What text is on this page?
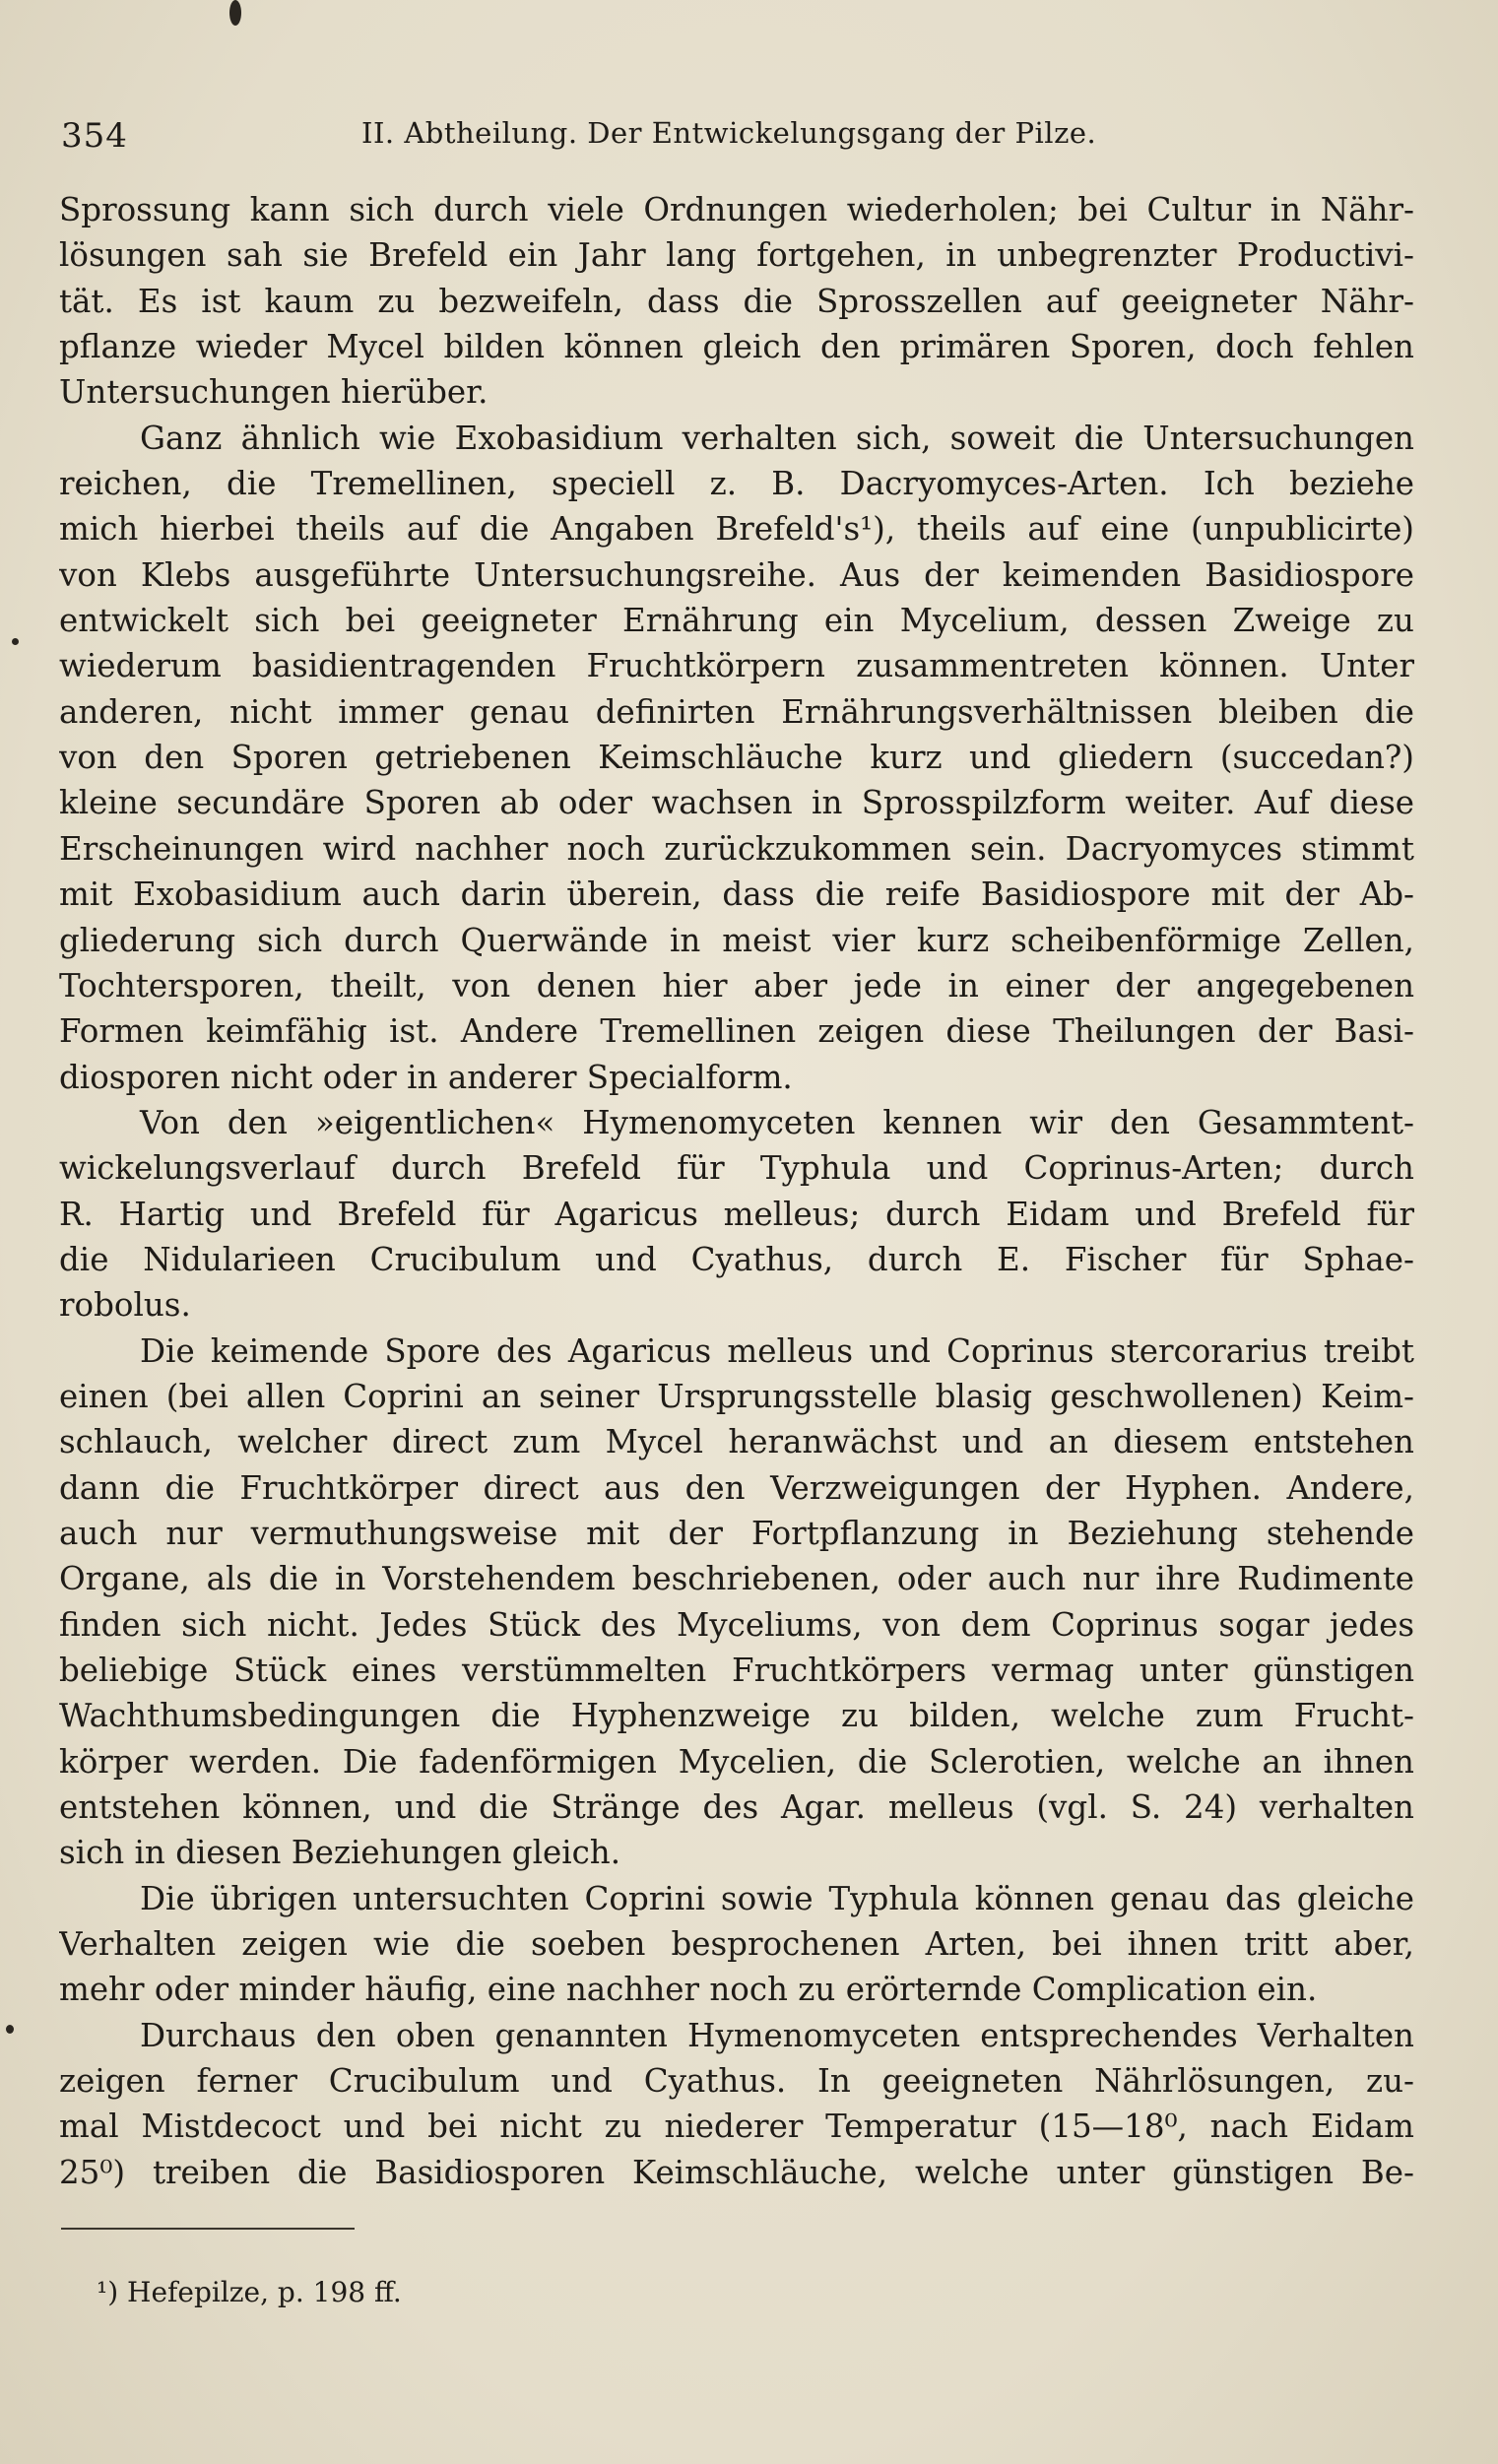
354	II. Abtheilung. Der Entwickelungsgang der Pilze.
Sprossung kann sich durch viele Ordnungen wiederholen; bei Cultur in Nähr-
lösungen sah sie Brefeld ein Jahr lang fortgehen, in unbegrenzter Productivi-
tät. Es ist kaum zu bezweifeln, dass die Sprosszellen auf geeigneter Nähr-
pflanze wieder Mycel bilden können gleich den primären Sporen, doch fehlen
Untersuchungen hierüber.
Ganz ähnlich wie Exobasidium verhalten sich, soweit die Untersuchungen
reichen, die Tremellinen, speciell z. B. Dacryomyces-Arten. Ich beziehe
mich hierbei theils auf die Angaben Brefeld's¹), theils auf eine (unpublicirte)
von Klebs ausgeführte Untersuchungsreihe. Aus der keimenden Basidiospore
entwickelt sich bei geeigneter Ernährung ein Mycelium, dessen Zweige zu
wiederum basidientragenden Fruchtkörpern zusammentreten können. Unter
anderen, nicht immer genau definirten Ernährungsverhältnissen bleiben die
von den Sporen getriebenen Keimschläuche kurz und gliedern (succedan?)
kleine secundäre Sporen ab oder wachsen in Sprosspilzform weiter. Auf diese
Erscheinungen wird nachher noch zurückzukommen sein. Dacryomyces stimmt
mit Exobasidium auch darin überein, dass die reife Basidiospore mit der Ab-
gliederung sich durch Querwände in meist vier kurz scheibenförmige Zellen,
Tochtersporen, theilt, von denen hier aber jede in einer der angegebenen
Formen keimfähig ist. Andere Tremellinen zeigen diese Theilungen der Basi-
diosporen nicht oder in anderer Specialform.
Von den »eigentlichen« Hymenomyceten kennen wir den Gesammtent-
wickelungsverlauf durch Brefeld für Typhula und Coprinus-Arten; durch
R. Hartig und Brefeld für Agaricus melleus; durch Eidam und Brefeld für
die Nidularieen Crucibulum und Cyathus, durch E. Fischer für Sphae-
robolus.
Die keimende Spore des Agaricus melleus und Coprinus stercorarius treibt
einen (bei allen Coprini an seiner Ursprungsstelle blasig geschwollenen) Keim-
schlauch, welcher direct zum Mycel heranwächst und an diesem entstehen
dann die Fruchtkörper direct aus den Verzweigungen der Hyphen. Andere,
auch nur vermuthungsweise mit der Fortpflanzung in Beziehung stehende
Organe, als die in Vorstehendem beschriebenen, oder auch nur ihre Rudimente
finden sich nicht. Jedes Stück des Myceliums, von dem Coprinus sogar jedes
beliebige Stück eines verstümmelten Fruchtkörpers vermag unter günstigen
Wachthumsbedingungen die Hyphenzweige zu bilden, welche zum Frucht-
körper werden. Die fadenförmigen Mycelien, die Sclerotien, welche an ihnen
entstehen können, und die Stränge des Agar. melleus (vgl. S. 24) verhalten
sich in diesen Beziehungen gleich.
Die übrigen untersuchten Coprini sowie Typhula können genau das gleiche
Verhalten zeigen wie die soeben besprochenen Arten, bei ihnen tritt aber,
mehr oder minder häufig, eine nachher noch zu erörternde Complication ein.
Durchaus den oben genannten Hymenomyceten entsprechendes Verhalten
zeigen ferner Crucibulum und Cyathus. In geeigneten Nährlösungen, zu-
mal Mistdecoct und bei nicht zu niederer Temperatur (15—18⁰, nach Eidam
25⁰) treiben die Basidiosporen Keimschläuche, welche unter günstigen Be-
¹) Hefepilze, p. 198 ff.
